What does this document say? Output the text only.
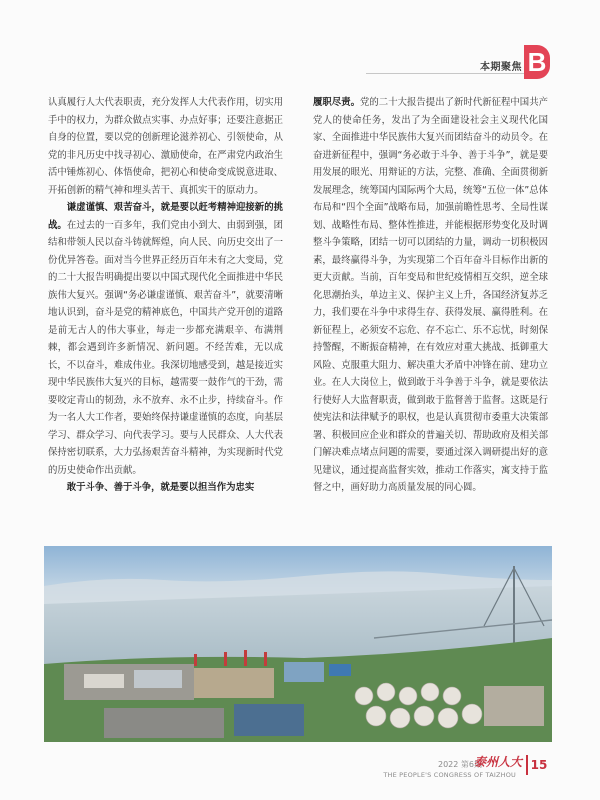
本期聚焦 B

认真履行人大代表职责，充分发挥人大代表作用，切实用手中的权力，为群众做点实事、办点好事；还要注意据正自身的位置，要以党的创新理论滋养初心、引领使命，从党的非凡历史中找寻初心、激励使命，在严肃党内政治生活中锤炼初心、体悟使命，把初心和使命变成锐意进取、开拓创新的精气神和埋头苦干、真抓实干的原动力。

谦虚谨慎、艰苦奋斗，就是要以赶考精神迎接新的挑战。在过去的一百多年，我们党由小到大、由弱到强，团结和带领人民以奋斗铸就辉煌，向人民、向历史交出了一份优异答卷。面对当今世界正经历百年未有之大变局，党的二十大报告明确提出要以中国式现代化全面推进中华民族伟大复兴。强调“务必谦虚谨慎、艰苦奋斗”，就要清晰地认识到，奋斗是党的精神底色，中国共产党开创的道路是前无古人的伟大事业，每走一步都充满艰辛、布满荆棘，都会遇到许多新情况、新问题。不经苦难，无以成长，不以奋斗，难成伟业。我深切地感受到，越是接近实现中华民族伟大复兴的目标，越需要一鼓作气的干劲，需要咬定青山的韧劲，永不放弃、永不止步，持续奋斗。作为一名人大工作者，要始终保持谦虚谨慎的态度，向基层学习、群众学习、向代表学习。要与人民群众、人大代表保持密切联系，大力弘扬艰苦奋斗精神，为实现新时代党的历史使命作出贡献。

敢于斗争、善于斗争，就是要以担当作为忠实

履职尽责。党的二十大报告提出了新时代新征程中国共产党人的使命任务，发出了为全面建设社会主义现代化国家、全面推进中华民族伟大复兴而团结奋斗的动员令。在奋进新征程中，强调“务必敢于斗争、善于斗争”，就是要用发展的眼光、用辩证的方法，完整、准确、全面贯彻新发展理念，统筹国内国际两个大局，统筹“五位一体”总体布局和“四个全面”战略布局，加强前瞻性思考、全局性谋划、战略性布局、整体性推进，并能根据形势变化及时调整斗争策略，团结一切可以团结的力量，调动一切积极因素，最终赢得斗争，为实现第二个百年奋斗目标作出新的更大贡献。当前，百年变局和世纪疫情相互交织，逆全球化思潮抬头，单边主义、保护主义上升，各国经济复苏乏力，我们要在斗争中求得生存、获得发展、赢得胜利。在新征程上，必须安不忘危、存不忘亡、乐不忘忧，时刻保持警醒，不断振奋精神，在有效应对重大挑战、抵御重大风险、克服重大阻力、解决重大矛盾中冲锋在前、建功立业。在人大岗位上，做到敢于斗争善于斗争，就是要依法行使好人大监督职责，做到敢于监督善于监督。这既是行使宪法和法律赋予的职权，也是认真贯彻市委重大决策部署、积极回应企业和群众的普遍关切、帮助政府及相关部门解决难点堵点问题的需要，要通过深入调研提出好的意见建议，通过提高监督实效，推动工作落实，寓支持于监督之中，画好助力高质量发展的同心圆。

2022 第6期
泰州人大
THE PEOPLE'S CONGRESS OF TAIZHOU
15
